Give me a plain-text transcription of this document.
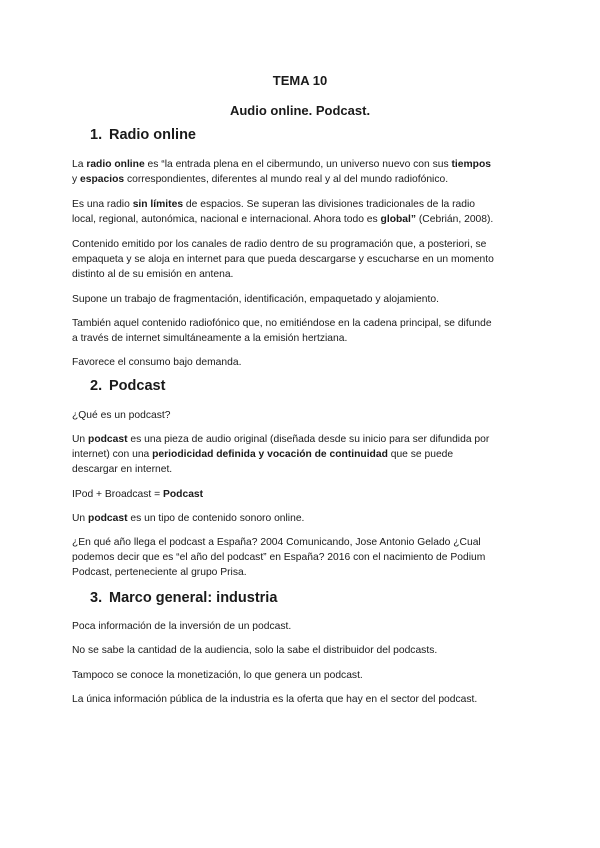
TEMA 10
Audio online. Podcast.
1. Radio online

La radio online es “la entrada plena en el cibermundo, un universo nuevo con sus tiempos
y espacios correspondientes, diferentes al mundo real y al del mundo radiofónico.

Es una radio sin límites de espacios. Se superan las divisiones tradicionales de la radio
local, regional, autonómica, nacional e internacional. Ahora todo es global” (Cebrián, 2008).

Contenido emitido por los canales de radio dentro de su programación que, a posteriori, se
empaqueta y se aloja en internet para que pueda descargarse y escucharse en un momento
distinto al de su emisión en antena.

Supone un trabajo de fragmentación, identificación, empaquetado y alojamiento.

También aquel contenido radiofónico que, no emitiéndose en la cadena principal, se difunde
a través de internet simultáneamente a la emisión hertziana.

Favorece el consumo bajo demanda.

2. Podcast

¿Qué es un podcast?

Un podcast es una pieza de audio original (diseñada desde su inicio para ser difundida por
internet) con una periodicidad definida y vocación de continuidad que se puede
descargar en internet.

IPod + Broadcast = Podcast

Un podcast es un tipo de contenido sonoro online.

¿En qué año llega el podcast a España? 2004 Comunicando, Jose Antonio Gelado ¿Cual
podemos decir que es “el año del podcast” en España? 2016 con el nacimiento de Podium
Podcast, perteneciente al grupo Prisa.

3. Marco general: industria

Poca información de la inversión de un podcast.

No se sabe la cantidad de la audiencia, solo la sabe el distribuidor del podcasts.

Tampoco se conoce la monetización, lo que genera un podcast.

La única información pública de la industria es la oferta que hay en el sector del podcast.
